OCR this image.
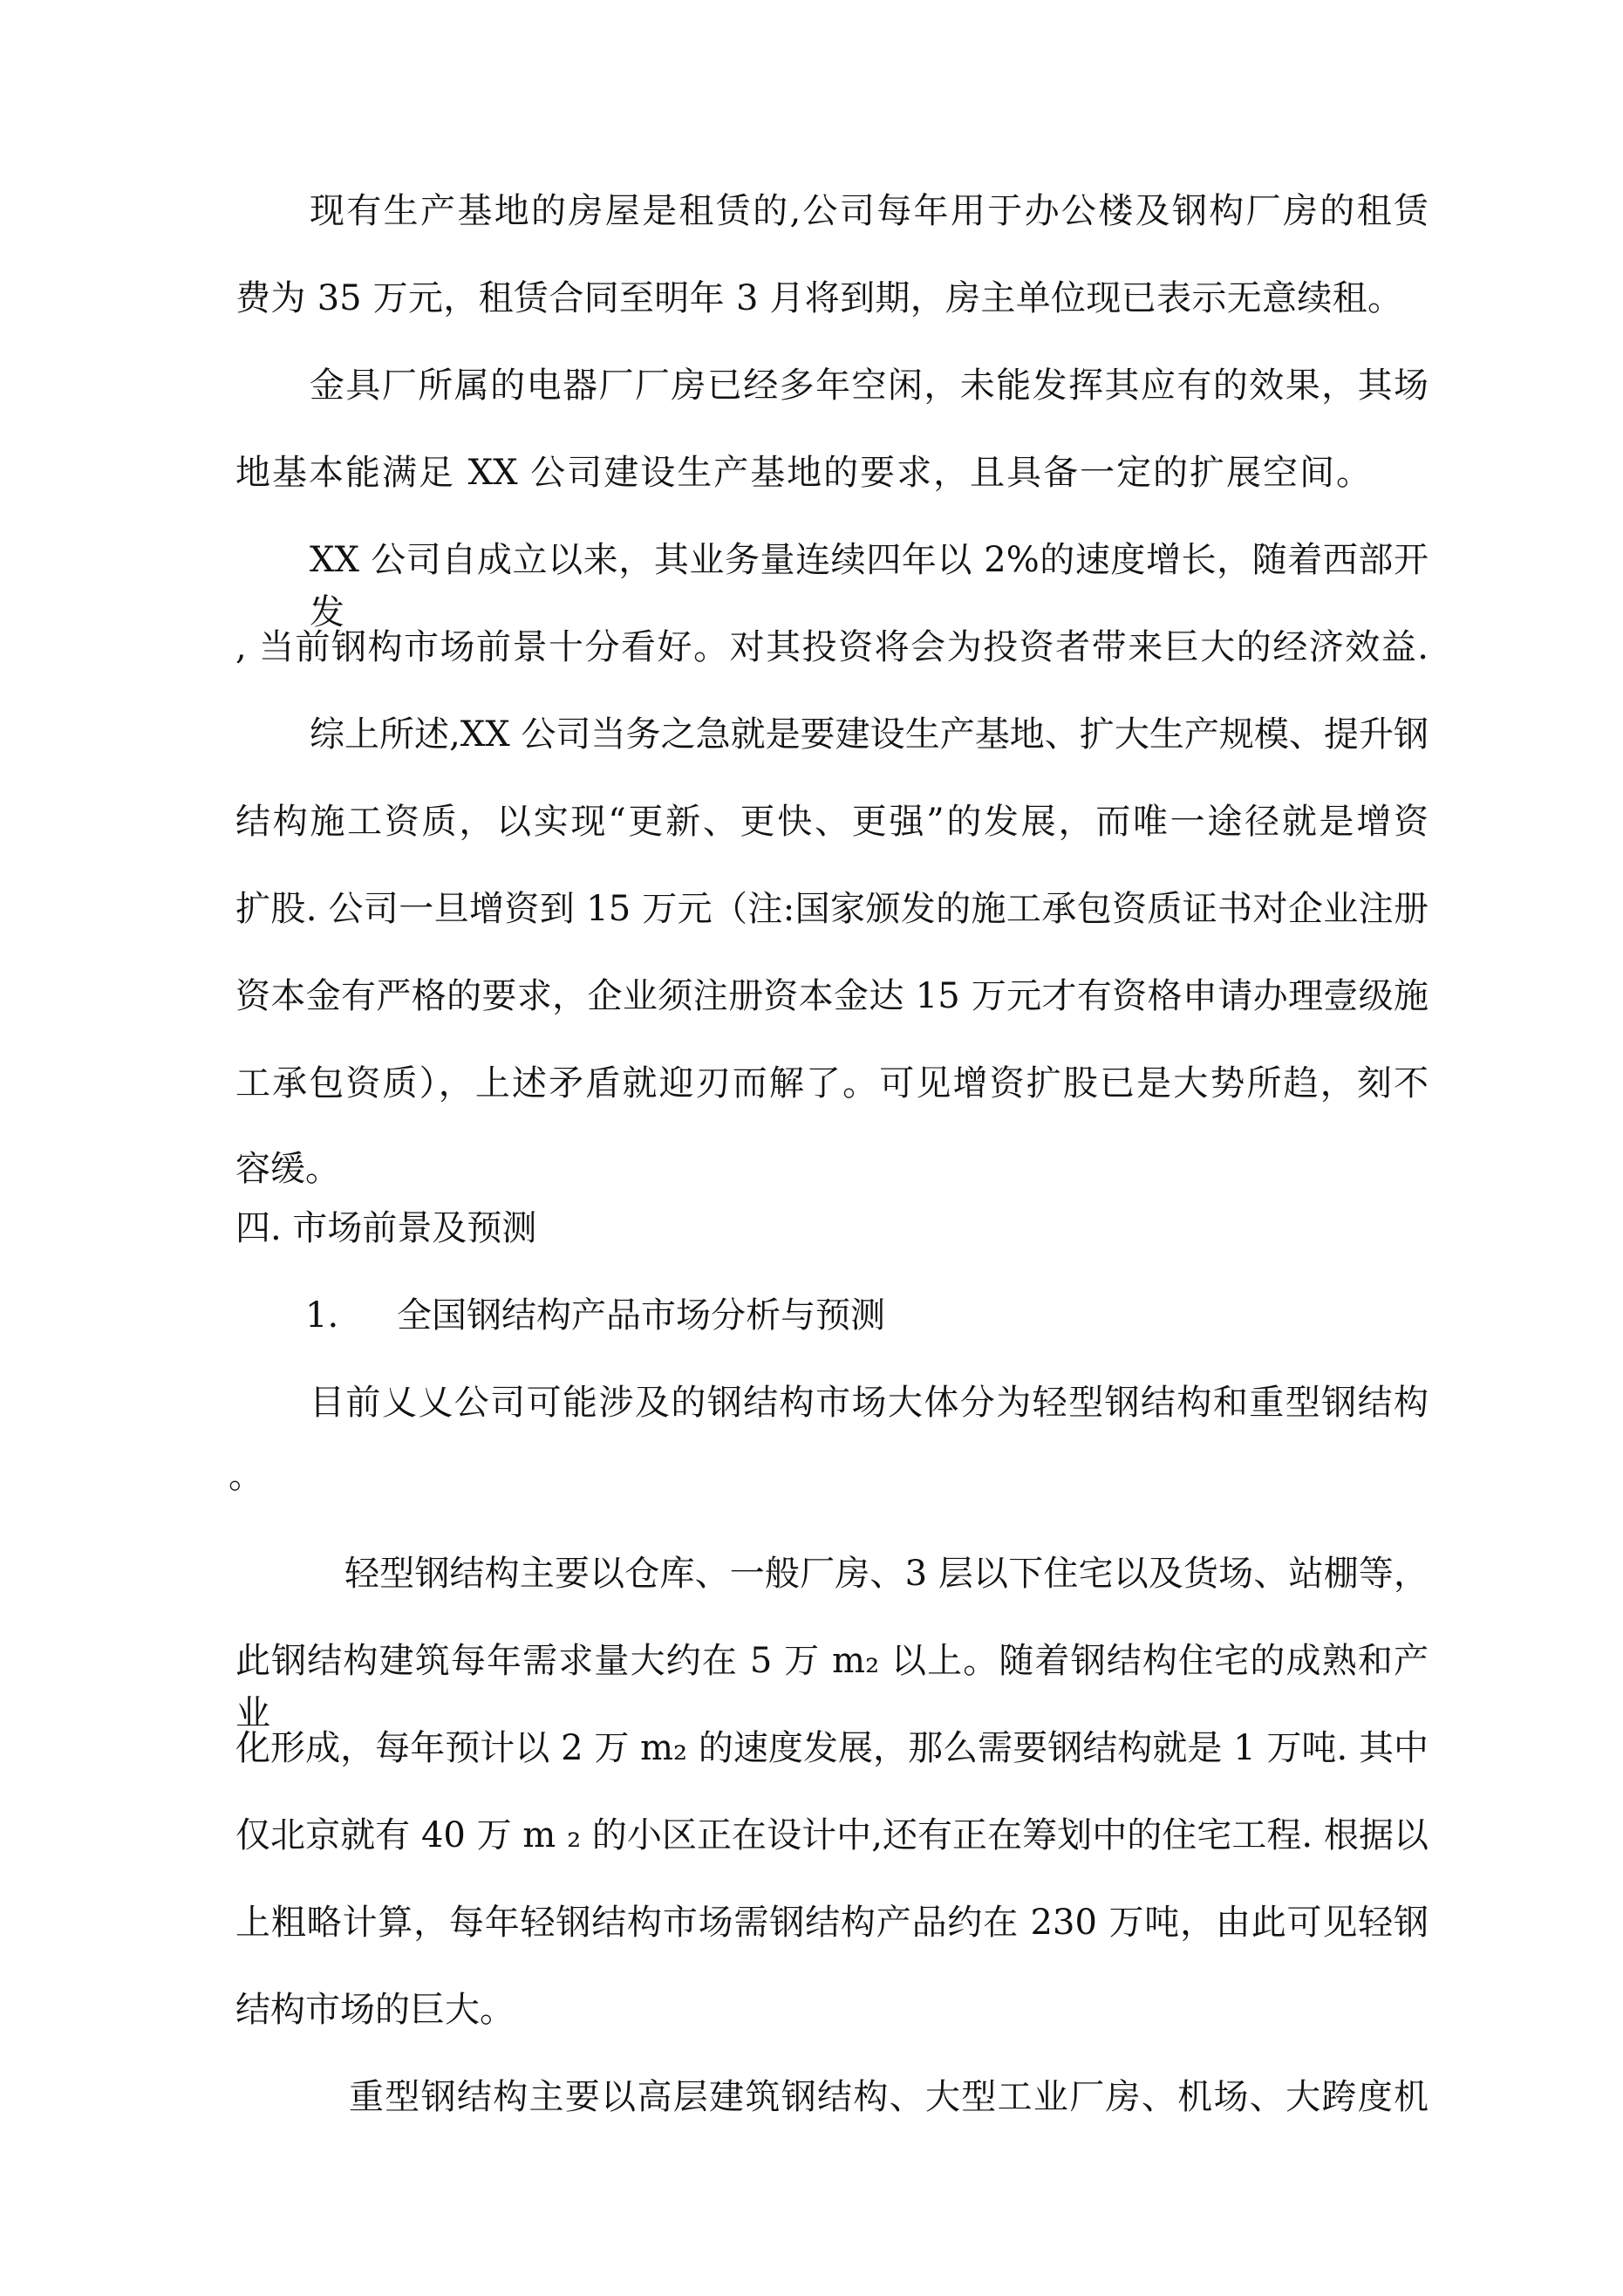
现有生产基地的房屋是租赁的,公司每年用于办公楼及钢构厂房的租赁
费为 35 万元，租赁合同至明年 3 月将到期，房主单位现已表示无意续租。
金具厂所属的电器厂厂房已经多年空闲，未能发挥其应有的效果，其场
地基本能满足 XX 公司建设生产基地的要求，且具备一定的扩展空间。
XX 公司自成立以来，其业务量连续四年以 2%的速度增长，随着西部开发
, 当前钢构市场前景十分看好。对其投资将会为投资者带来巨大的经济效益.
综上所述,XX 公司当务之急就是要建设生产基地、扩大生产规模、提升钢
结构施工资质，以实现“更新、更快、更强”的发展，而唯一途径就是增资
扩股. 公司一旦增资到 15 万元（注:国家颁发的施工承包资质证书对企业注册
资本金有严格的要求，企业须注册资本金达 15 万元才有资格申请办理壹级施
工承包资质），上述矛盾就迎刃而解了。可见增资扩股已是大势所趋，刻不
容缓。
四. 市场前景及预测
1. 全国钢结构产品市场分析与预测
目前乂乂公司可能涉及的钢结构市场大体分为轻型钢结构和重型钢结构
。
轻型钢结构主要以仓库、一般厂房、3 层以下住宅以及货场、站棚等，
此钢结构建筑每年需求量大约在 5 万 m₂ 以上。随着钢结构住宅的成熟和产业
化形成，每年预计以 2 万 m₂ 的速度发展，那么需要钢结构就是 1 万吨. 其中
仅北京就有 40 万 m ₂ 的小区正在设计中,还有正在筹划中的住宅工程. 根据以
上粗略计算，每年轻钢结构市场需钢结构产品约在 230 万吨，由此可见轻钢
结构市场的巨大。
重型钢结构主要以高层建筑钢结构、大型工业厂房、机场、大跨度机
